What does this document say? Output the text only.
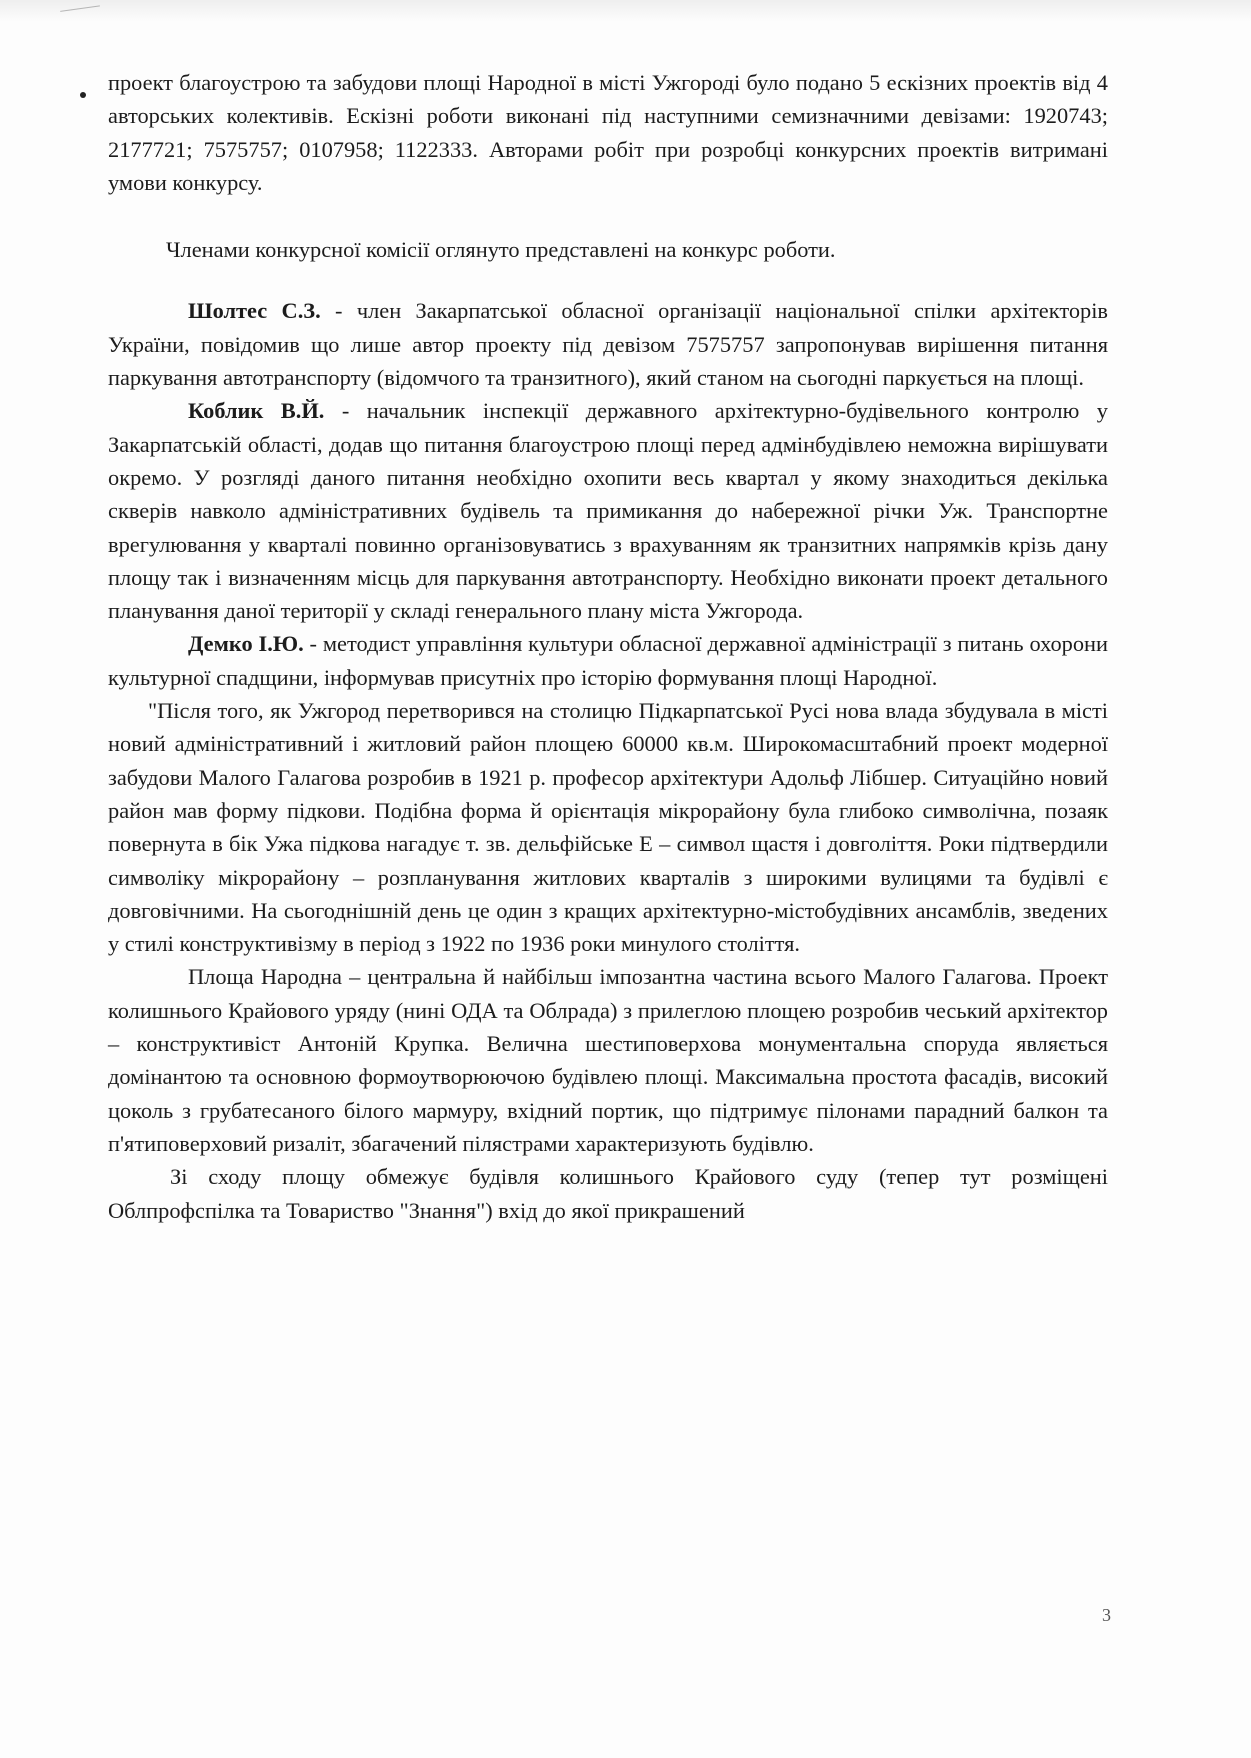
проект благоустрою та забудови площі Народної в місті Ужгороді було подано 5 ескізних проектів від 4 авторських колективів. Ескізні роботи виконані під наступними семизначними девізами: 1920743; 2177721; 7575757; 0107958; 1122333. Авторами робіт при розробці конкурсних проектів витримані умови конкурсу.

Членами конкурсної комісії оглянуто представлені на конкурс роботи.

Шолтес С.З. - член Закарпатської обласної організації національної спілки архітекторів України, повідомив що лише автор проекту під девізом 7575757 запропонував вирішення питання паркування автотранспорту (відомчого та транзитного), який станом на сьогодні паркується на площі.

Коблик В.Й. - начальник інспекції державного архітектурно-будівельного контролю у Закарпатській області, додав що питання благоустрою площі перед адмінбудівлею неможна вирішувати окремо. У розгляді даного питання необхідно охопити весь квартал у якому знаходиться декілька скверів навколо адміністративних будівель та примикання до набережної річки Уж. Транспортне врегулювання у кварталі повинно організовуватись з врахуванням як транзитних напрямків крізь дану площу так і визначенням місць для паркування автотранспорту. Необхідно виконати проект детального планування даної території у складі генерального плану міста Ужгорода.

Демко І.Ю. - методист управління культури обласної державної адміністрації з питань охорони культурної спадщини, інформував присутніх про історію формування площі Народної.

"Після того, як Ужгород перетворився на столицю Підкарпатської Русі нова влада збудувала в місті новий адміністративний і житловий район площею 60000 кв.м. Широкомасштабний проект модерної забудови Малого Галагова розробив в 1921 р. професор архітектури Адольф Лібшер. Ситуаційно новий район мав форму підкови. Подібна форма й орієнтація мікрорайону була глибоко символічна, позаяк повернута в бік Ужа підкова нагадує т. зв. дельфійське Е – символ щастя і довголіття. Роки підтвердили символіку мікрорайону – розпланування житлових кварталів з широкими вулицями та будівлі є довговічними. На сьогоднішній день це один з кращих архітектурно-містобудівних ансамблів, зведених у стилі конструктивізму в період з 1922 по 1936 роки минулого століття.

Площа Народна – центральна й найбільш імпозантна частина всього Малого Галагова. Проект колишнього Крайового уряду (нині ОДА та Облрада) з прилеглою площею розробив чеський архітектор – конструктивіст Антоній Крупка. Велична шестиповерхова монументальна споруда являється домінантою та основною формоутворюючою будівлею площі. Максимальна простота фасадів, високий цоколь з грубатесаного білого мармуру, вхідний портик, що підтримує пілонами парадний балкон та п'ятиповерховий ризаліт, збагачений пілястрами характеризують будівлю.

Зі сходу площу обмежує будівля колишнього Крайового суду (тепер тут розміщені Облпрофспілка та Товариство "Знання") вхід до якої прикрашений

3
